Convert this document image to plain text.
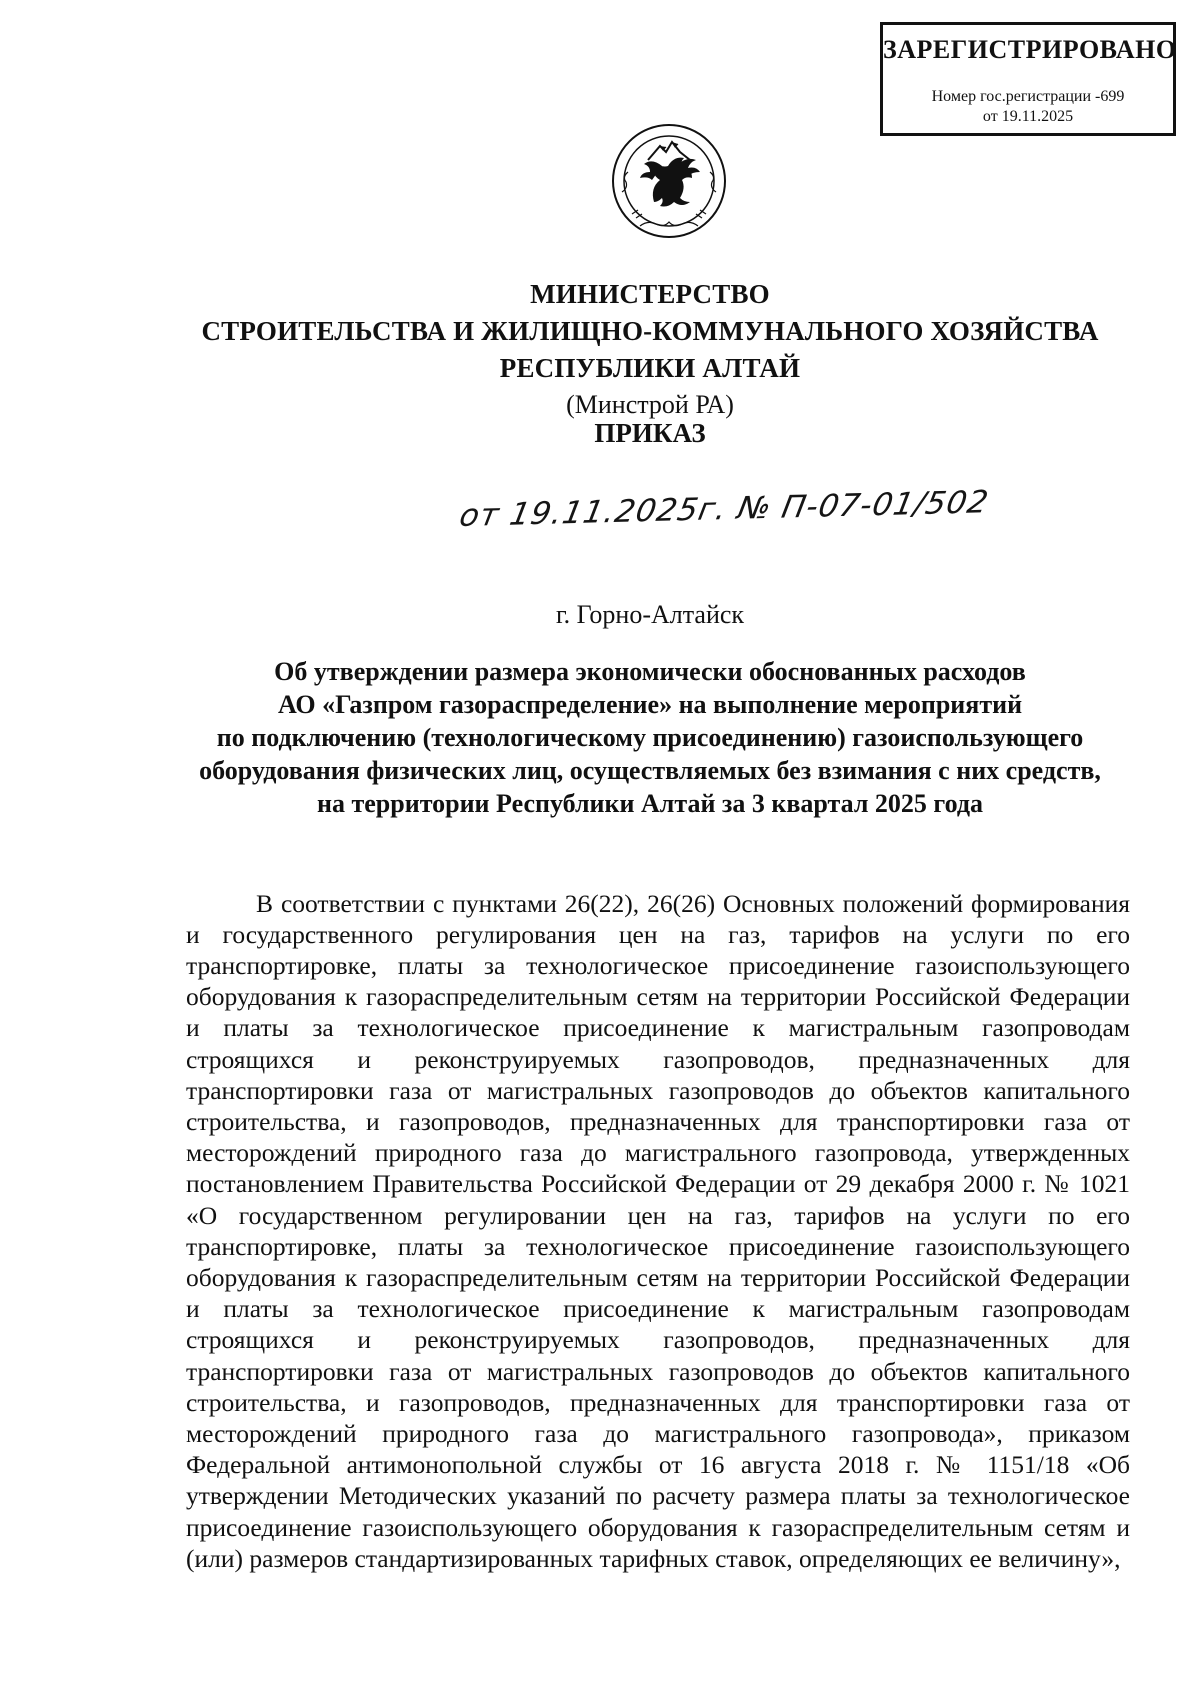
ЗАРЕГИСТРИРОВАНО
Номер гос.регистрации -699
от 19.11.2025
МИНИСТЕРСТВО
СТРОИТЕЛЬСТВА И ЖИЛИЩНО-КОММУНАЛЬНОГО ХОЗЯЙСТВА
РЕСПУБЛИКИ АЛТАЙ
(Минстрой РА)
ПРИКАЗ
от 19.11.2025г. № П-07-01/502
г. Горно-Алтайск
Об утверждении размера экономически обоснованных расходов
АО «Газпром газораспределение» на выполнение мероприятий
по подключению (технологическому присоединению) газоиспользующего
оборудования физических лиц, осуществляемых без взимания с них средств,
на территории Республики Алтай за 3 квартал 2025 года

В соответствии с пунктами 26(22), 26(26) Основных положений формирования и государственного регулирования цен на газ, тарифов на услуги по его транспортировке, платы за технологическое присоединение газоиспользующего оборудования к газораспределительным сетям на территории Российской Федерации и платы за технологическое присоединение к магистральным газопроводам строящихся и реконструируемых газопроводов, предназначенных для транспортировки газа от магистральных газопроводов до объектов капитального строительства, и газопроводов, предназначенных для транспортировки газа от месторождений природного газа до магистрального газопровода, утвержденных постановлением Правительства Российской Федерации от 29 декабря 2000 г. № 1021 «О государственном регулировании цен на газ, тарифов на услуги по его транспортировке, платы за технологическое присоединение газоиспользующего оборудования к газораспределительным сетям на территории Российской Федерации и платы за технологическое присоединение к магистральным газопроводам строящихся и реконструируемых газопроводов, предназначенных для транспортировки газа от магистральных газопроводов до объектов капитального строительства, и газопроводов, предназначенных для транспортировки газа от месторождений природного газа до магистрального газопровода», приказом Федеральной антимонопольной службы от 16 августа 2018 г. № 1151/18 «Об утверждении Методических указаний по расчету размера платы за технологическое присоединение газоиспользующего оборудования к газораспределительным сетям и (или) размеров стандартизированных тарифных ставок, определяющих ее величину»,
